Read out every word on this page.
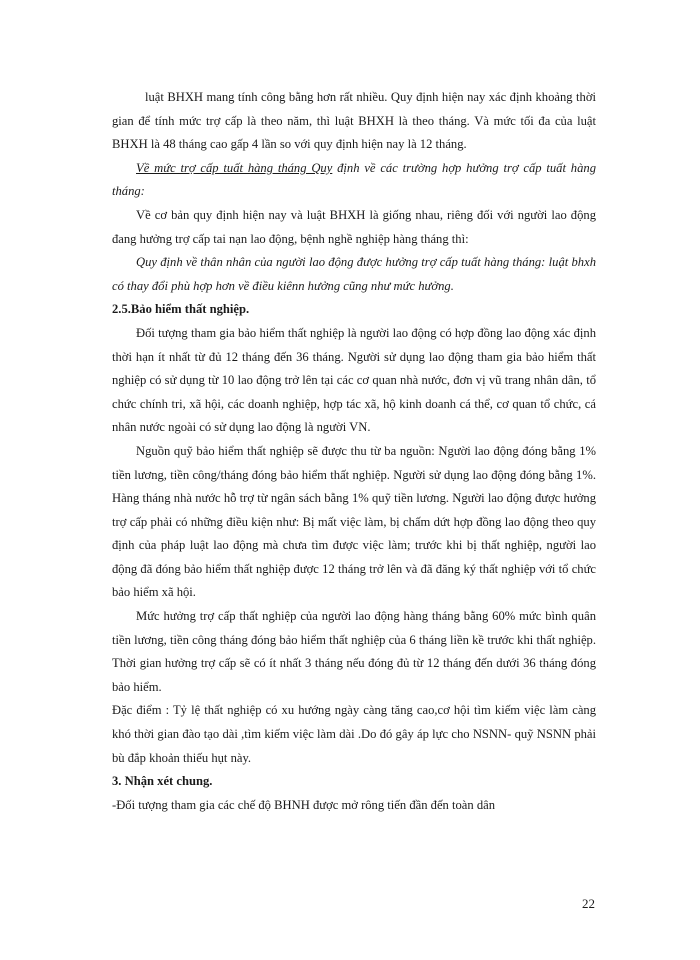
luật BHXH mang tính công bằng hơn rất nhiều. Quy định hiện nay xác định khoảng thời gian để tính mức trợ cấp là theo năm, thì luật BHXH là theo tháng. Và mức tối đa của luật BHXH là 48 tháng cao gấp 4 lần so với quy định hiện nay là 12 tháng.

Về mức trợ cấp tuất hàng tháng Quy định về các trường hợp hưởng trợ cấp tuất hàng tháng:

Về cơ bản quy định hiện nay và luật BHXH là giống nhau, riêng đối với người lao động đang hưởng trợ cấp tai nạn lao động, bệnh nghề nghiệp hàng tháng thì:

Quy định về thân nhân của người lao động được hưởng trợ cấp tuất hàng tháng: luật bhxh có thay đổi phù hợp hơn về điều kiênn hưởng cũng như mức hưởng.

2.5.Bảo hiểm thất nghiệp.

Đối tượng tham gia bảo hiểm thất nghiệp là người lao động có hợp đồng lao động xác định thời hạn ít nhất từ đủ 12 tháng đến 36 tháng. Người sử dụng lao động tham gia bảo hiểm thất nghiệp có sử dụng từ 10 lao động trở lên tại các cơ quan nhà nước, đơn vị vũ trang nhân dân, tổ chức chính tri, xã hội, các doanh nghiệp, hợp tác xã, hộ kinh doanh cá thể, cơ quan tổ chức, cá nhân nước ngoài có sử dụng lao động là người VN.

Nguồn quỹ bảo hiểm thất nghiệp sẽ được thu từ ba nguồn: Người lao động đóng bằng 1% tiền lương, tiền công/tháng đóng bảo hiểm thất nghiệp. Người sử dụng lao động đóng bằng 1%. Hàng tháng nhà nước hỗ trợ từ ngân sách bằng 1% quỹ tiền lương. Người lao động được hưởng trợ cấp phải có những điều kiện như: Bị mất việc làm, bị chấm dứt hợp đồng lao động theo quy định của pháp luật lao động mà chưa tìm được việc làm; trước khi bị thất nghiệp, người lao động đã đóng bảo hiểm thất nghiệp được 12 tháng trở lên và đã đăng ký thất nghiệp với tổ chức bảo hiểm xã hội.

Mức hưởng trợ cấp thất nghiệp của người lao động hàng tháng bằng 60% mức bình quân tiền lương, tiền công tháng đóng bảo hiểm thất nghiệp của 6 tháng liền kề trước khi thất nghiệp. Thời gian hưởng trợ cấp sẽ có ít nhất 3 tháng nếu đóng đủ từ 12 tháng đến dưới 36 tháng đóng bảo hiểm.

Đặc điểm : Tỷ lệ thất nghiệp có xu hướng ngày càng tăng cao,cơ hội tìm kiếm việc làm càng khó thời gian đào tạo dài ,tìm kiếm việc làm dài .Do đó gây áp lực cho NSNN- quỹ NSNN phải bù đắp khoản thiếu hụt này.

3. Nhận xét chung.

-Đối tượng tham gia các chế độ BHNH được mở rông tiến đần đến toàn dân

22
